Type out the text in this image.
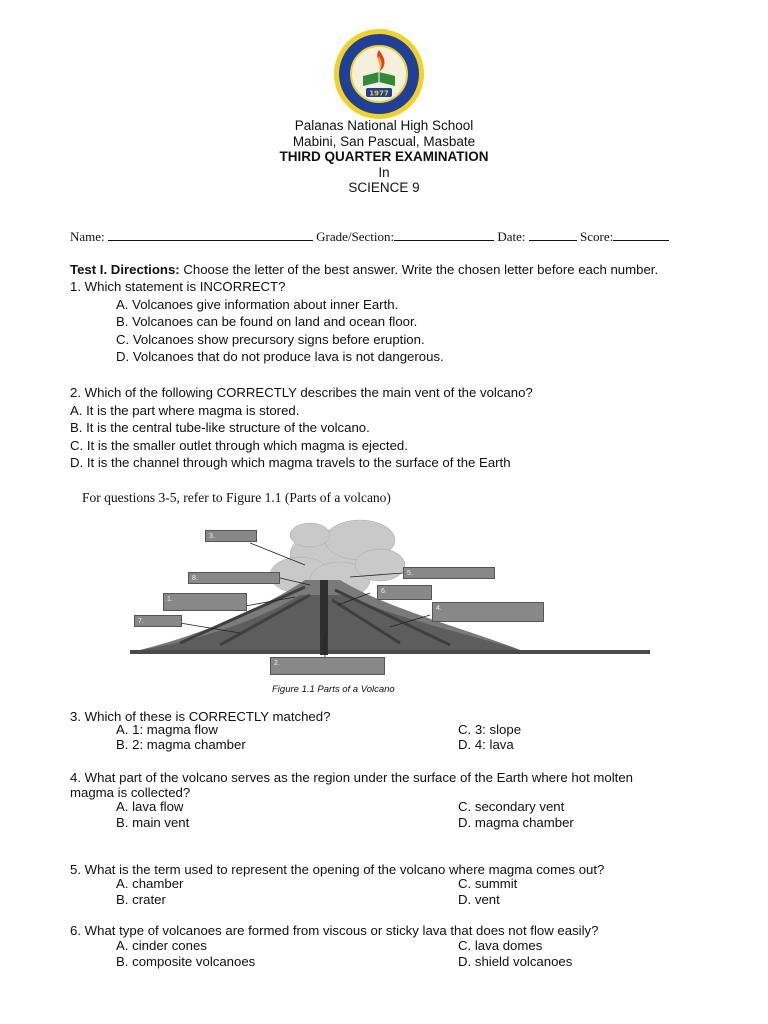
1977
Palanas National High School
Mabini, San Pascual, Masbate
THIRD QUARTER EXAMINATION
In
SCIENCE 9
Name:	Grade/Section:	Date:	Score:
Test I. Directions: Choose the letter of the best answer. Write the chosen letter before each number.
1. Which statement is INCORRECT?
A. Volcanoes give information about inner Earth.
B. Volcanoes can be found on land and ocean floor.
C. Volcanoes show precursory signs before eruption.
D. Volcanoes that do not produce lava is not dangerous.
2. Which of the following CORRECTLY describes the main vent of the volcano?
A. It is the part where magma is stored.
B. It is the central tube-like structure of the volcano.
C. It is the smaller outlet through which magma is ejected.
D. It is the channel through which magma travels to the surface of the Earth
For questions 3-5, refer to Figure 1.1 (Parts of a volcano)
3.
8.
1.
7.
5.
6.
4.
2.
Figure 1.1 Parts of a Volcano
3. Which of these is CORRECTLY matched?
A. 1: magma flow	C. 3: slope
B. 2: magma chamber	D. 4: lava
4. What part of the volcano serves as the region under the surface of the Earth where hot molten
magma is collected?
A. lava flow	C. secondary vent
B. main vent	D. magma chamber
5. What is the term used to represent the opening of the volcano where magma comes out?
A. chamber	C. summit
B. crater	D. vent
6. What type of volcanoes are formed from viscous or sticky lava that does not flow easily?
A. cinder cones	C. lava domes
B. composite volcanoes	D. shield volcanoes
